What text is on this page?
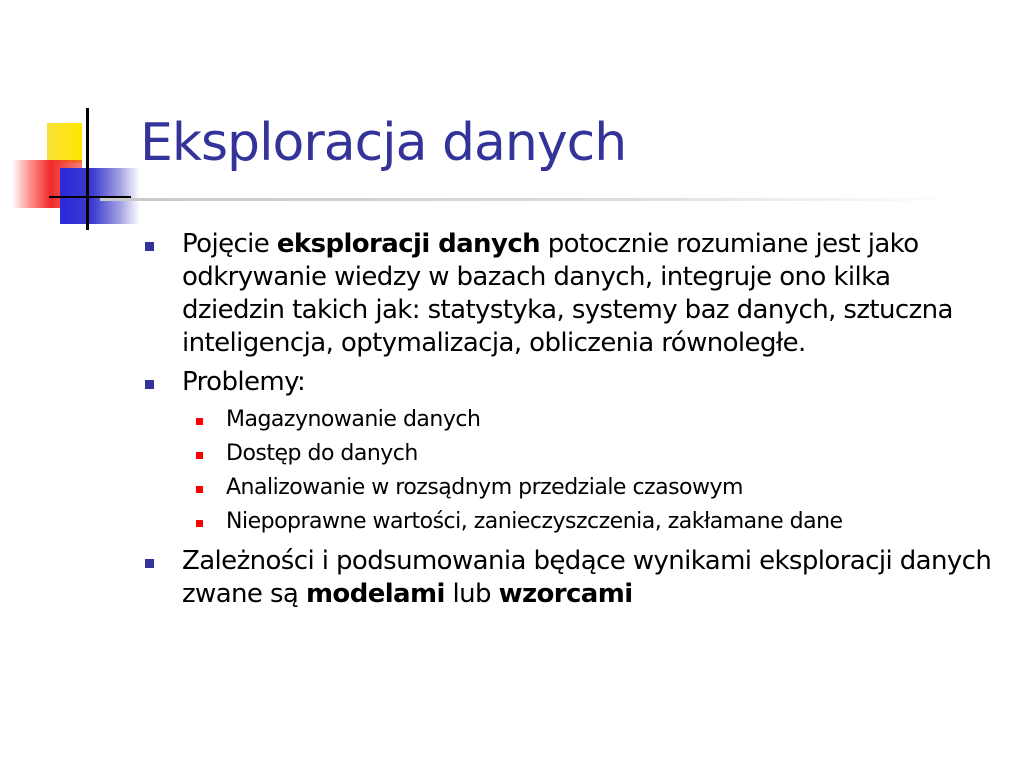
Eksploracja danych
Pojęcie eksploracji danych potocznie rozumiane jest jako odkrywanie wiedzy w bazach danych, integruje ono kilka dziedzin takich jak: statystyka, systemy baz danych, sztuczna inteligencja, optymalizacja, obliczenia równoległe.
Problemy:
Magazynowanie danych
Dostęp do danych
Analizowanie w rozsądnym przedziale czasowym
Niepoprawne wartości, zanieczyszczenia, zakłamane dane
Zależności i podsumowania będące wynikami eksploracji danych zwane są modelami lub wzorcami
